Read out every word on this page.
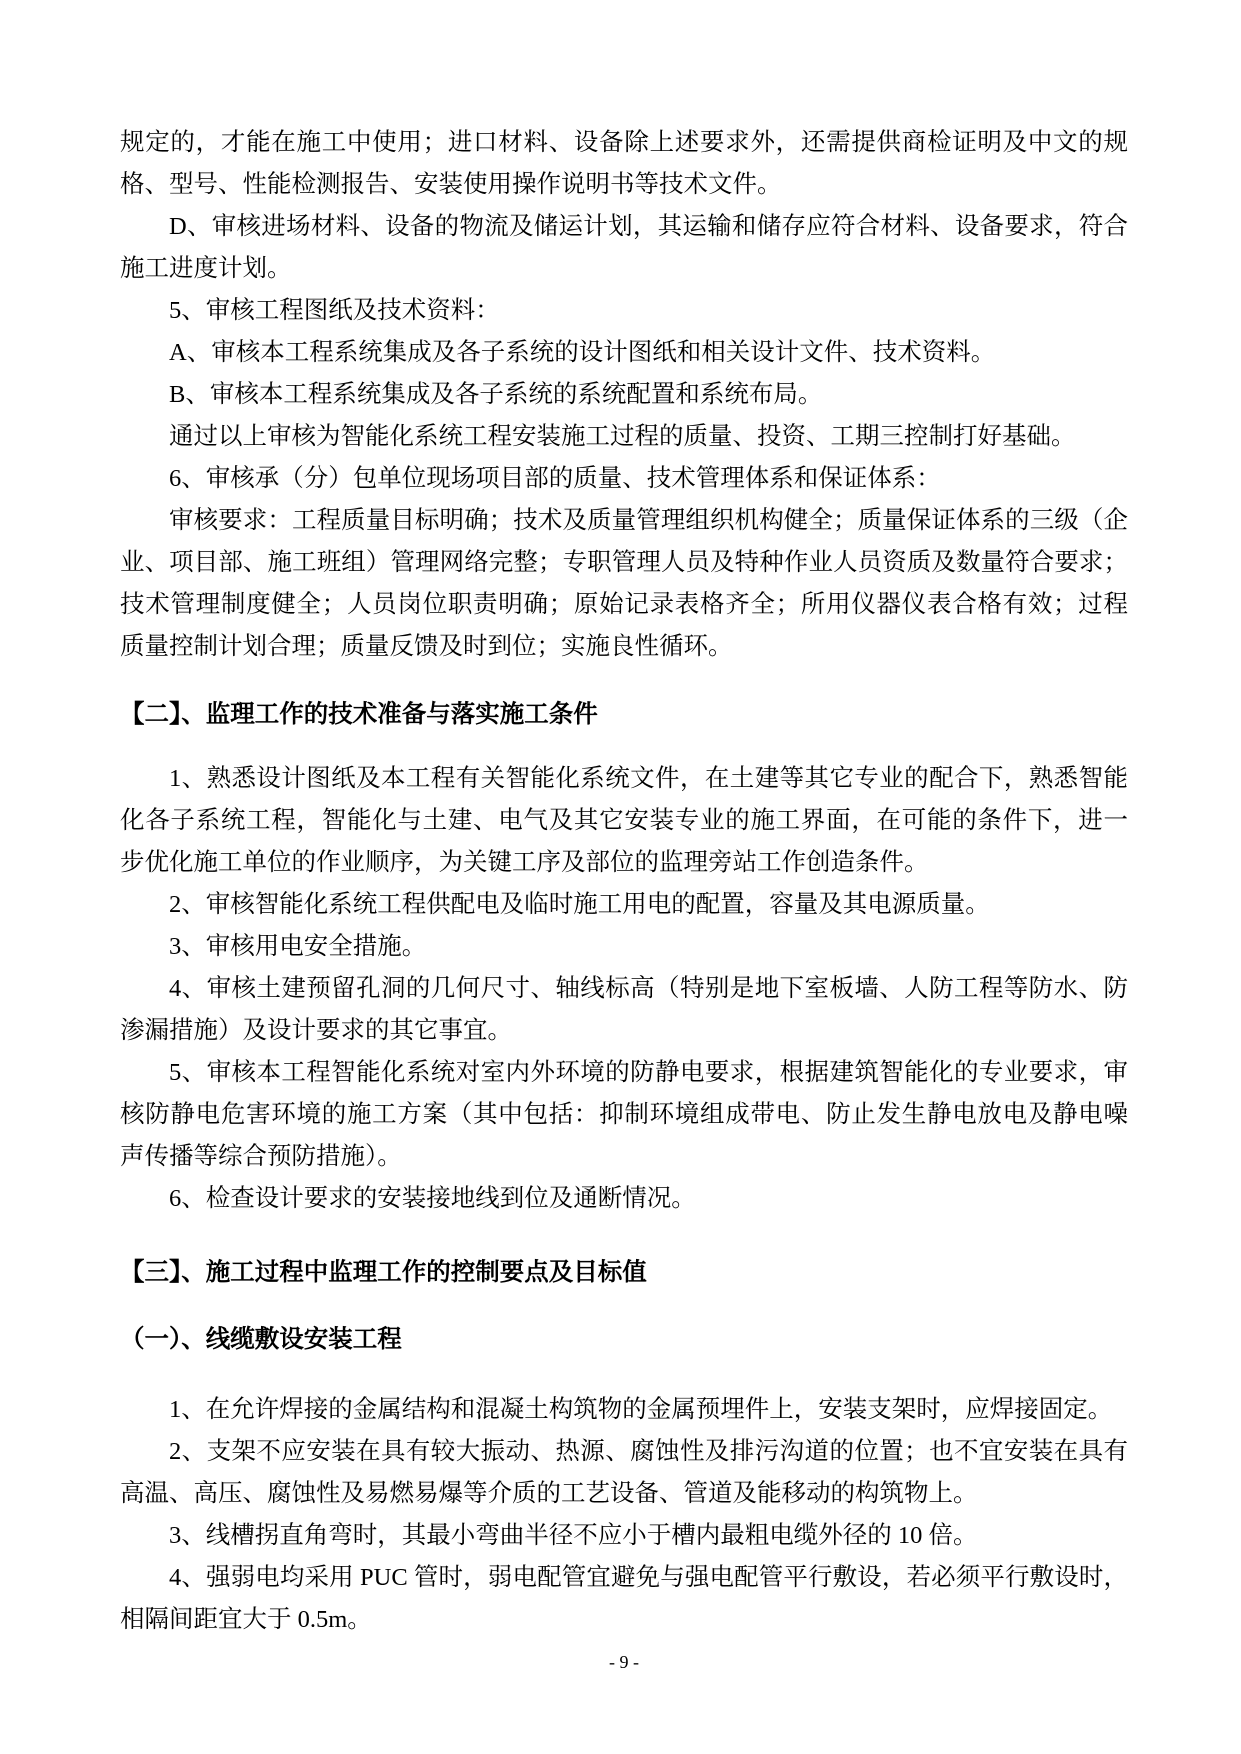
规定的，才能在施工中使用；进口材料、设备除上述要求外，还需提供商检证明及中文的规
格、型号、性能检测报告、安装使用操作说明书等技术文件。
D、审核进场材料、设备的物流及储运计划，其运输和储存应符合材料、设备要求，符合
施工进度计划。
5、审核工程图纸及技术资料：
A、审核本工程系统集成及各子系统的设计图纸和相关设计文件、技术资料。
B、审核本工程系统集成及各子系统的系统配置和系统布局。
通过以上审核为智能化系统工程安装施工过程的质量、投资、工期三控制打好基础。
6、审核承（分）包单位现场项目部的质量、技术管理体系和保证体系：
审核要求：工程质量目标明确；技术及质量管理组织机构健全；质量保证体系的三级（企
业、项目部、施工班组）管理网络完整；专职管理人员及特种作业人员资质及数量符合要求；
技术管理制度健全；人员岗位职责明确；原始记录表格齐全；所用仪器仪表合格有效；过程
质量控制计划合理；质量反馈及时到位；实施良性循环。
【二】、监理工作的技术准备与落实施工条件
1、熟悉设计图纸及本工程有关智能化系统文件，在土建等其它专业的配合下，熟悉智能
化各子系统工程，智能化与土建、电气及其它安装专业的施工界面，在可能的条件下，进一
步优化施工单位的作业顺序，为关键工序及部位的监理旁站工作创造条件。
2、审核智能化系统工程供配电及临时施工用电的配置，容量及其电源质量。
3、审核用电安全措施。
4、审核土建预留孔洞的几何尺寸、轴线标高（特别是地下室板墙、人防工程等防水、防
渗漏措施）及设计要求的其它事宜。
5、审核本工程智能化系统对室内外环境的防静电要求，根据建筑智能化的专业要求，审
核防静电危害环境的施工方案（其中包括：抑制环境组成带电、防止发生静电放电及静电噪
声传播等综合预防措施）。
6、检查设计要求的安装接地线到位及通断情况。
【三】、施工过程中监理工作的控制要点及目标值
（一）、线缆敷设安装工程
1、在允许焊接的金属结构和混凝土构筑物的金属预埋件上，安装支架时，应焊接固定。
2、支架不应安装在具有较大振动、热源、腐蚀性及排污沟道的位置；也不宜安装在具有
高温、高压、腐蚀性及易燃易爆等介质的工艺设备、管道及能移动的构筑物上。
3、线槽拐直角弯时，其最小弯曲半径不应小于槽内最粗电缆外径的 10 倍。
4、强弱电均采用 PUC 管时，弱电配管宜避免与强电配管平行敷设，若必须平行敷设时，
相隔间距宜大于 0.5m。
- 9 -
